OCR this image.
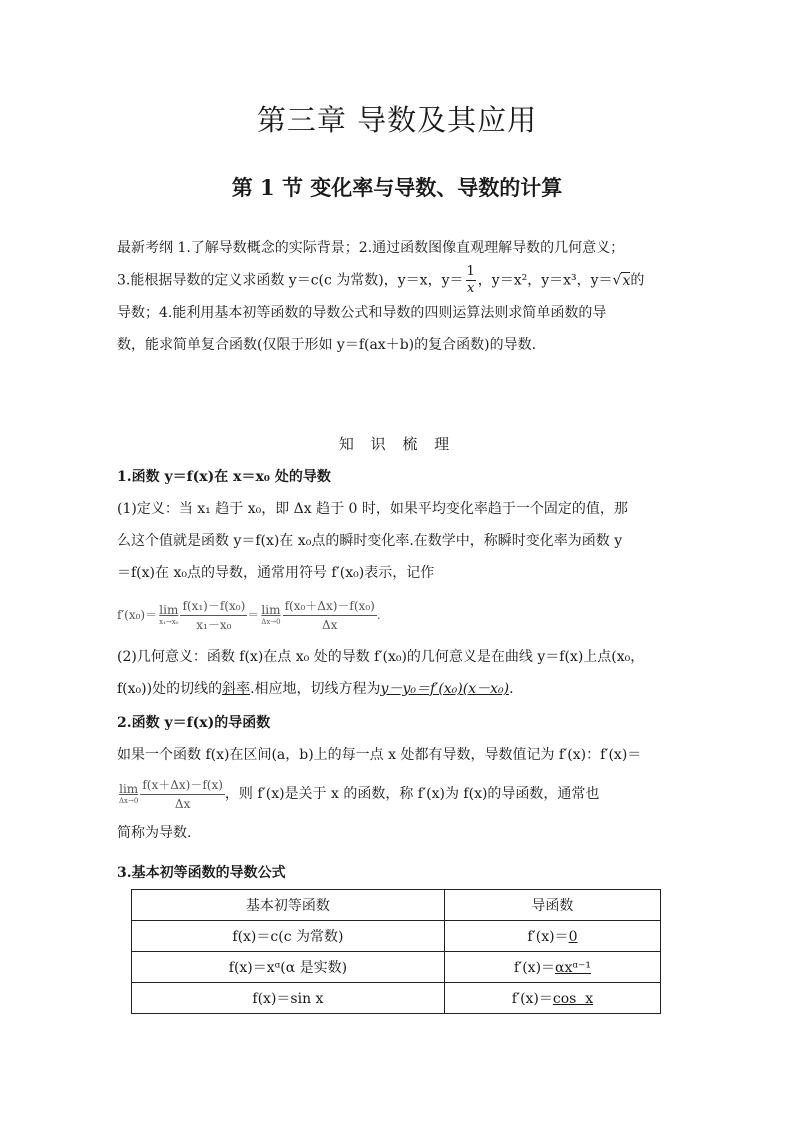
第三章 导数及其应用
第 1 节 变化率与导数、导数的计算
最新考纲 1.了解导数概念的实际背景；2.通过函数图像直观理解导数的几何意义；
3.能根据导数的定义求函数 y＝c(c 为常数)，y＝x，$y= \frac{1}{x}$ ，y＝x²，y＝x³，y＝√x的
导数；4.能利用基本初等函数的导数公式和导数的四则运算法则求简单函数的导
数，能求简单复合函数(仅限于形如 y＝f(ax＋b)的复合函数)的导数.
知 识 梳 理
1.函数 y＝f(x)在 x＝x₀ 处的导数
(1)定义：当 x₁ 趋于 x₀，即 Δx 趋于 0 时，如果平均变化率趋于一个固定的值，那
么这个值就是函数 y＝f(x)在 x₀点的瞬时变化率.在数学中，称瞬时变化率为函数 y
＝f(x)在 x₀点的导数，通常用符号 f′(x₀)表示，记作
f′(x₀)＝ lim
$x_1\to x_0 \frac{\text{f(x₁)－f(x₀)}}{\text{x₁－x₀}} = \lim$
$\Delta x\to 0 \frac{\text{f(x₀＋Δx)－f(x₀)}}{\Delta x}$ .
(2)几何意义：函数 f(x)在点 x₀ 处的导数 f′(x₀)的几何意义是在曲线 y＝f(x)上点(x₀，
f(x₀))处的切线的斜率.相应地，切线方程为y－y₀＝f′(x₀)(x－x₀).
2.函数 y＝f(x)的导函数
如果一个函数 f(x)在区间(a，b)上的每一点 x 处都有导数，导数值记为 f′(x)：f′(x)＝
lim
$\Delta x\to 0 \frac{f(x+\Delta x)-f(x)}{\Delta x}$ ，则 f′(x)是关于 x 的函数，称 f′(x)为 f(x)的导函数，通常也
简称为导数.
3.基本初等函数的导数公式
基本初等函数	导函数
f(x)＝c(c 为常数)	f′(x)＝0
f(x)＝xᵅ(α 是实数)	f′(x)＝αxᵅ⁻¹
f(x)＝sin x	f′(x)＝cos  x
